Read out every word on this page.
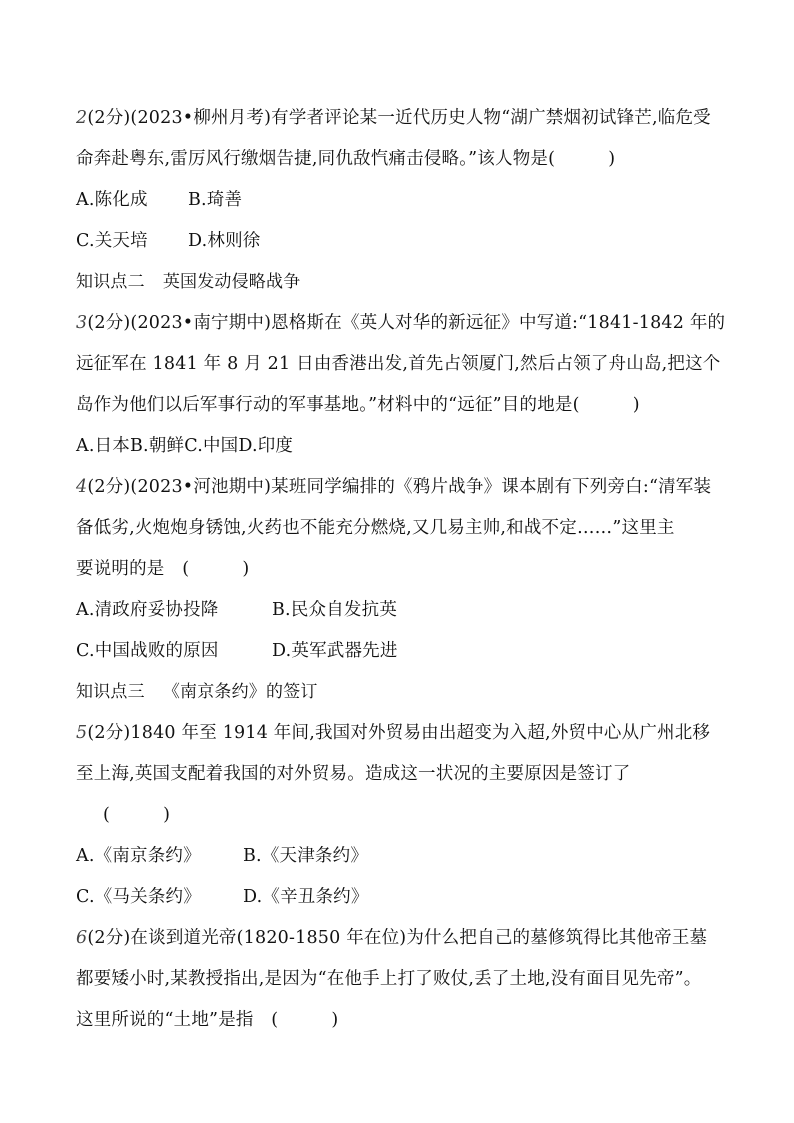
2(2分)(2023•柳州月考)有学者评论某一近代历史人物“湖广禁烟初试锋芒,临危受
命奔赴粤东,雷厉风行缴烟告捷,同仇敌忾痛击侵略。”该人物是(　　　)
A.陈化成	B.琦善
C.关天培	D.林则徐
知识点二 英国发动侵略战争
3(2分)(2023•南宁期中)恩格斯在《英人对华的新远征》中写道:“1841-1842 年的
远征军在 1841 年 8 月 21 日由香港出发,首先占领厦门,然后占领了舟山岛,把这个
岛作为他们以后军事行动的军事基地。”材料中的“远征”目的地是(　　　)
A.日本B.朝鲜C.中国D.印度
4(2分)(2023•河池期中)某班同学编排的《鸦片战争》课本剧有下列旁白:“清军装
备低劣,火炮炮身锈蚀,火药也不能充分燃烧,又几易主帅,和战不定……”这里主
要说明的是　(　　　)
A.清政府妥协投降	B.民众自发抗英
C.中国战败的原因	D.英军武器先进
知识点三 《南京条约》的签订
5(2分)1840 年至 1914 年间,我国对外贸易由出超变为入超,外贸中心从广州北移
至上海,英国支配着我国的对外贸易。造成这一状况的主要原因是签订了
(　　　)
A.《南京条约》	B.《天津条约》
C.《马关条约》	D.《辛丑条约》
6(2分)在谈到道光帝(1820-1850 年在位)为什么把自己的墓修筑得比其他帝王墓
都要矮小时,某教授指出,是因为“在他手上打了败仗,丢了土地,没有面目见先帝”。
这里所说的“土地”是指　(　　　)
